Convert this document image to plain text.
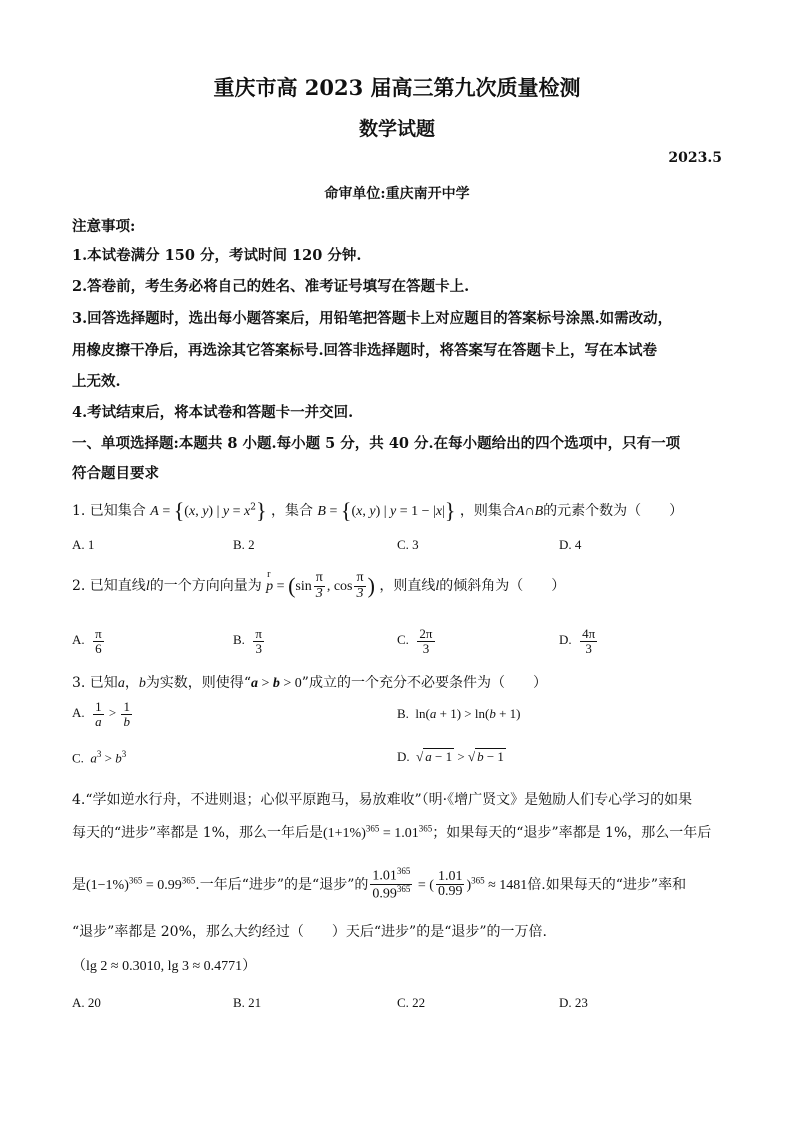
重庆市高 2023 届高三第九次质量检测
数学试题
2023.5
命审单位:重庆南开中学
注意事项:
1.本试卷满分 150 分，考试时间 120 分钟.
2.答卷前，考生务必将自己的姓名、准考证号填写在答题卡上.
3.回答选择题时，选出每小题答案后，用铅笔把答题卡上对应题目的答案标号涂黑.如需改动，
用橡皮擦干净后，再选涂其它答案标号.回答非选择题时，将答案写在答题卡上，写在本试卷
上无效.
4.考试结束后，将本试卷和答题卡一并交回.
一、单项选择题:本题共 8 小题.每小题 5 分，共 40 分.在每小题给出的四个选项中，只有一项
符合题目要求
1. 已知集合 A = {(x, y) | $y = x^2$} ，集合 B = {(x, y) | y = 1 − |x|} ，则集合A∩B的元素个数为（　　）
A. 1	B. 2	C. 3	D. 4
2. 已知直线l的一个方向向量为 p
r
= ($\sin \frac{\pi}{3}$ , $\cos \frac{\pi}{3}$ ) ，则直线l的倾斜角为（　　）
A. $\frac{\pi}{6}$	B. $\frac{\pi}{3}$	C. $\frac{2\pi}{3}$	D. $\frac{4\pi}{3}$
3. 已知a，b为实数，则使得“a > b > 0”成立的一个充分不必要条件为（　　）
A. $\frac{1}{a} > \frac{1}{b}$	B.  ln(a + 1) > ln(b + 1)
C. $a^3 > b^3$	D.  √ a − 1 > √ b − 1
4.“学如逆水行舟，不进则退；心似平原跑马，易放难收”（明·《增广贤文》是勉励人们专心学习的如果
每天的“进步”率都是 1%，那么一年后是$(1+1\%)^{365} = 1.01^{365}$；如果每天的“退步”率都是 1%，那么一年后
是$(1-1\%)^{365} = 0.99^{365}$.一年后“进步”的是“退步”的 $\frac{1.01^{365}}{0.99^{365}}$ = ( $\frac{1.01}{0.99} )^{365} \approx 1481$倍.如果每天的“进步”率和
“退步”率都是 20%，那么大约经过（　　）天后“进步”的是“退步”的一万倍.
（lg 2 ≈ 0.3010, lg 3 ≈ 0.4771）
A. 20	B. 21	C. 22	D. 23
